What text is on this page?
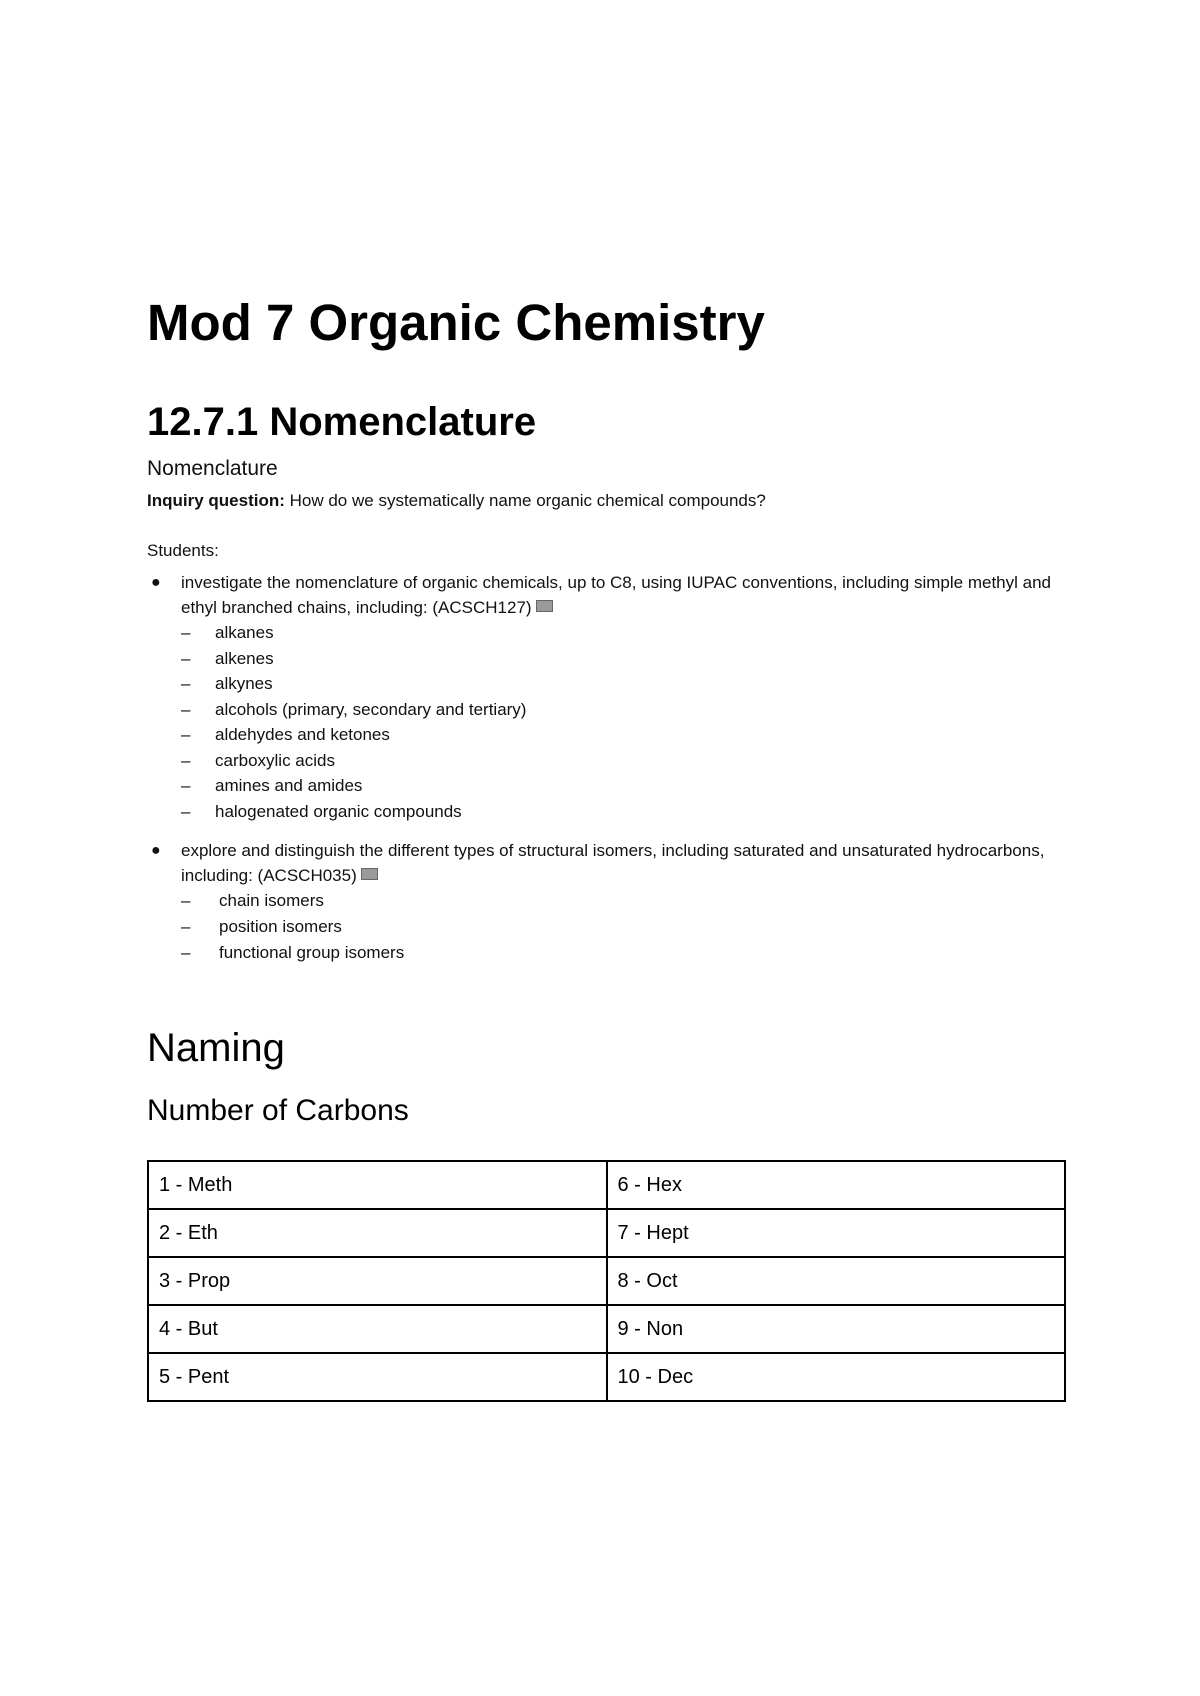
Mod 7 Organic Chemistry
12.7.1 Nomenclature

Nomenclature

Inquiry question: How do we systematically name organic chemical compounds?

Students:

● investigate the nomenclature of organic chemicals, up to C8, using IUPAC conventions, including simple methyl and ethyl branched chains, including: (ACSCH127)
– alkanes
– alkenes
– alkynes
– alcohols (primary, secondary and tertiary)
– aldehydes and ketones
– carboxylic acids
– amines and amides
– halogenated organic compounds
● explore and distinguish the different types of structural isomers, including saturated and unsaturated hydrocarbons, including: (ACSCH035)
– chain isomers
– position isomers
– functional group isomers
Naming
Number of Carbons
1 - Meth	6 - Hex
2 - Eth	7 - Hept
3 - Prop	8 - Oct
4 - But	9 - Non
5 - Pent	10 - Dec
